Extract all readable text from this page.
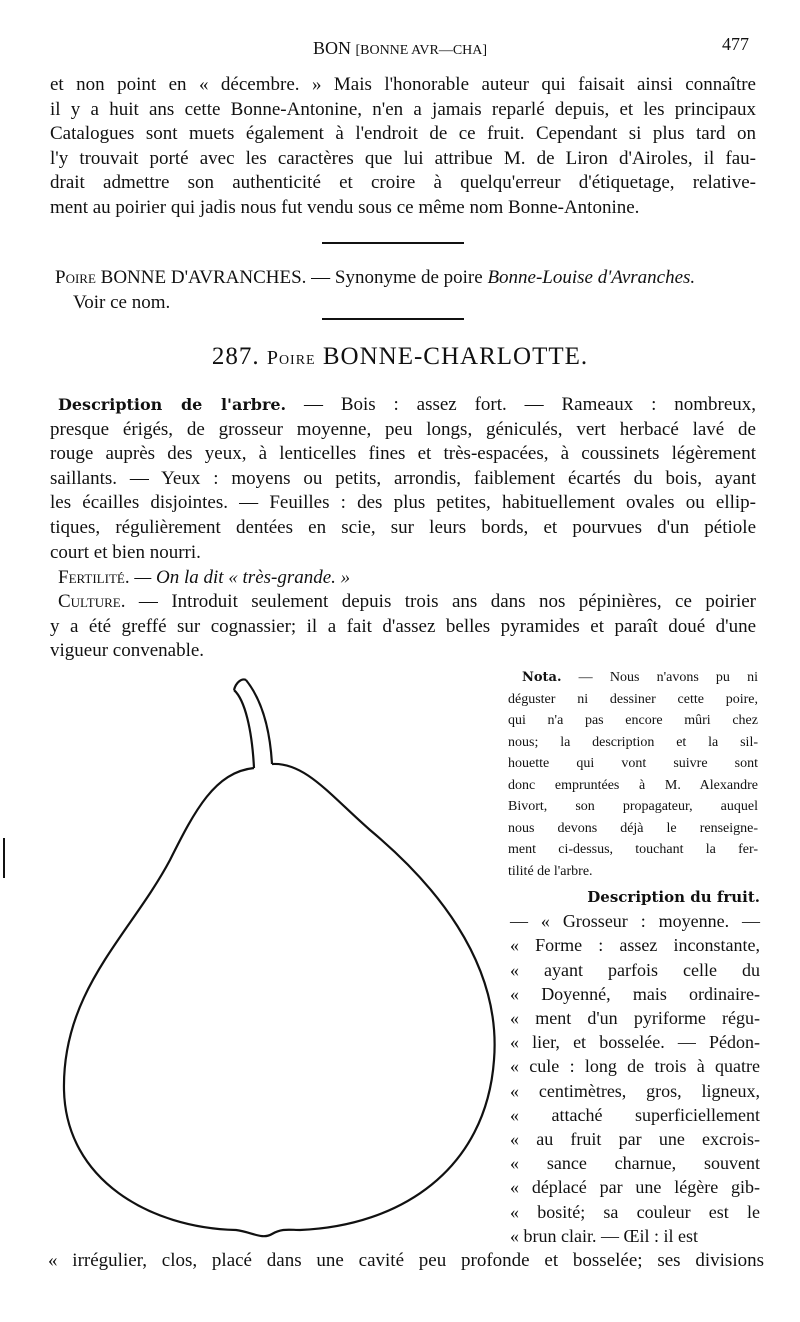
BON [BONNE AVR—CHA]	477
et non point en « décembre. » Mais l'honorable auteur qui faisait ainsi connaître
il y a huit ans cette Bonne-Antonine, n'en a jamais reparlé depuis, et les principaux
Catalogues sont muets également à l'endroit de ce fruit. Cependant si plus tard on
l'y trouvait porté avec les caractères que lui attribue M. de Liron d'Airoles, il fau-
drait admettre son authenticité et croire à quelqu'erreur d'étiquetage, relative-
ment au poirier qui jadis nous fut vendu sous ce même nom Bonne-Antonine.
Poire BONNE D'AVRANCHES. — Synonyme de poire Bonne-Louise d'Avranches.
Voir ce nom.
287. Poire BONNE-CHARLOTTE.
Description de l'arbre. — Bois : assez fort. — Rameaux : nombreux,
presque érigés, de grosseur moyenne, peu longs, géniculés, vert herbacé lavé de
rouge auprès des yeux, à lenticelles fines et très-espacées, à coussinets légèrement
saillants. — Yeux : moyens ou petits, arrondis, faiblement écartés du bois, ayant
les écailles disjointes. — Feuilles : des plus petites, habituellement ovales ou ellip-
tiques, régulièrement dentées en scie, sur leurs bords, et pourvues d'un pétiole
court et bien nourri.
Fertilité. — On la dit « très-grande. »
Culture. — Introduit seulement depuis trois ans dans nos pépinières, ce poirier
y a été greffé sur cognassier; il a fait d'assez belles pyramides et paraît doué d'une
vigueur convenable.
Nota. — Nous n'avons pu ni
déguster ni dessiner cette poire,
qui n'a pas encore mûri chez
nous; la description et la sil-
houette qui vont suivre sont
donc empruntées à M. Alexandre
Bivort, son propagateur, auquel
nous devons déjà le renseigne-
ment ci-dessus, touchant la fer-
tilité de l'arbre.
Description du fruit.
— « Grosseur : moyenne. —
« Forme : assez inconstante,
« ayant parfois celle du
« Doyenné, mais ordinaire-
« ment d'un pyriforme régu-
« lier, et bosselée. — Pédon-
« cule : long de trois à quatre
« centimètres, gros, ligneux,
« attaché superficiellement
« au fruit par une excrois-
« sance charnue, souvent
« déplacé par une légère gib-
« bosité; sa couleur est le
« brun clair. — Œil : il est
« irrégulier, clos, placé dans une cavité peu profonde et bosselée; ses divisions
